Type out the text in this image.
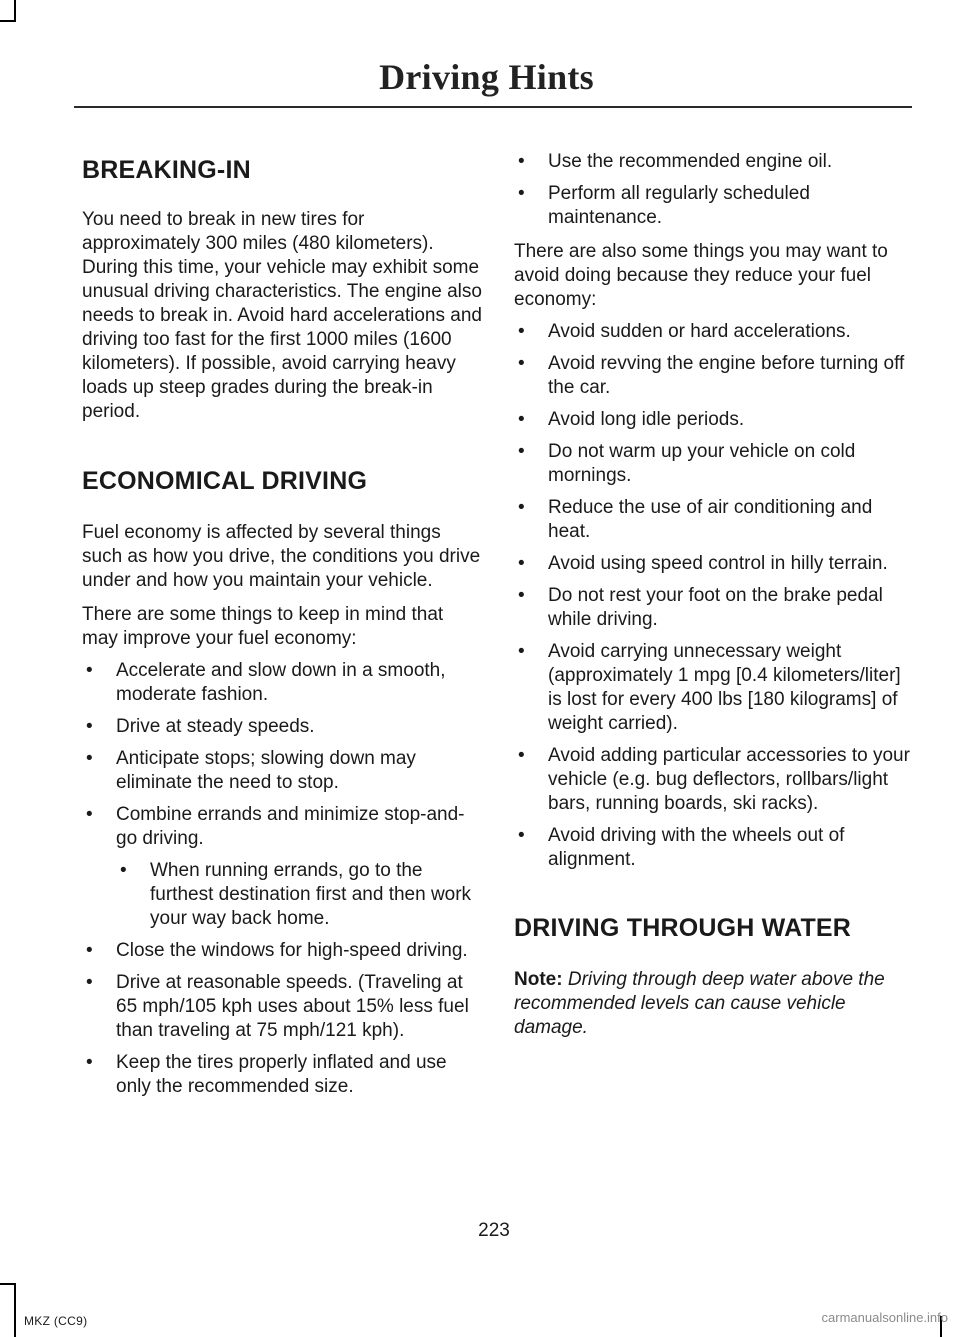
Driving Hints
BREAKING-IN

You need to break in new tires for approximately 300 miles (480 kilometers). During this time, your vehicle may exhibit some unusual driving characteristics. The engine also needs to break in. Avoid hard accelerations and driving too fast for the first 1000 miles (1600 kilometers). If possible, avoid carrying heavy loads up steep grades during the break-in period.

ECONOMICAL DRIVING

Fuel economy is affected by several things such as how you drive, the conditions you drive under and how you maintain your vehicle.

There are some things to keep in mind that may improve your fuel economy:

• Accelerate and slow down in a smooth, moderate fashion.
• Drive at steady speeds.
• Anticipate stops; slowing down may eliminate the need to stop.
• Combine errands and minimize stop-and-go driving.
• When running errands, go to the furthest destination first and then work your way back home.
• Close the windows for high-speed driving.
• Drive at reasonable speeds. (Traveling at 65 mph/105 kph uses about 15% less fuel than traveling at 75 mph/121 kph).
• Keep the tires properly inflated and use only the recommended size.
• Use the recommended engine oil.
• Perform all regularly scheduled maintenance.

There are also some things you may want to avoid doing because they reduce your fuel economy:

• Avoid sudden or hard accelerations.
• Avoid revving the engine before turning off the car.
• Avoid long idle periods.
• Do not warm up your vehicle on cold mornings.
• Reduce the use of air conditioning and heat.
• Avoid using speed control in hilly terrain.
• Do not rest your foot on the brake pedal while driving.
• Avoid carrying unnecessary weight (approximately 1 mpg [0.4 kilometers/liter] is lost for every 400 lbs [180 kilograms] of weight carried).
• Avoid adding particular accessories to your vehicle (e.g. bug deflectors, rollbars/light bars, running boards, ski racks).
• Avoid driving with the wheels out of alignment.
DRIVING THROUGH WATER

Note: Driving through deep water above the recommended levels can cause vehicle damage.

223
MKZ (CC9)	carmanualsonline.info
